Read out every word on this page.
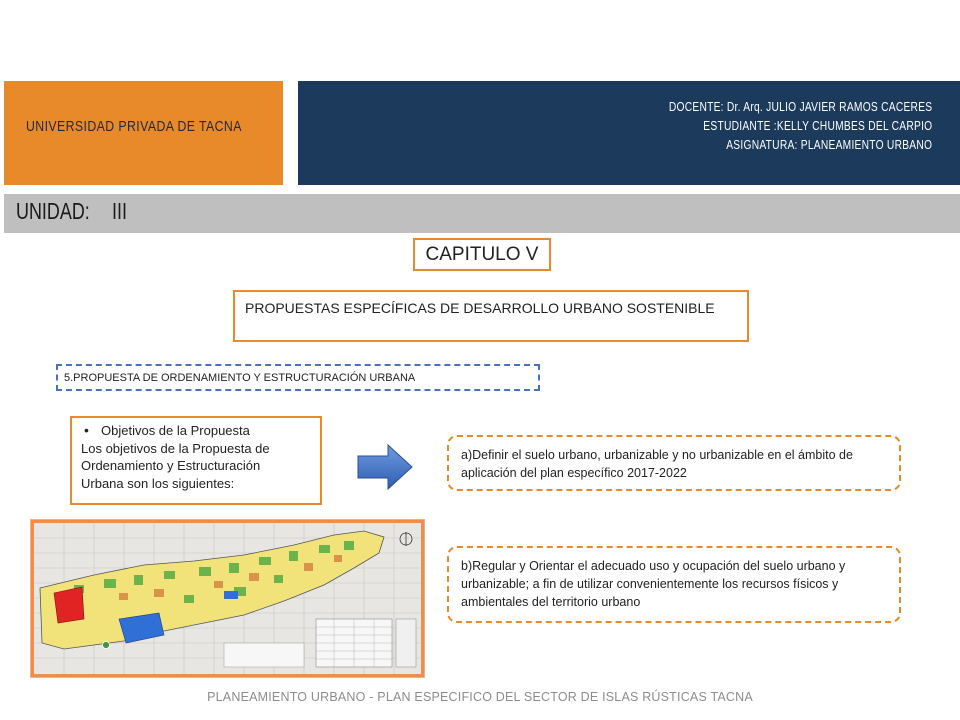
UNIVERSIDAD PRIVADA DE TACNA
DOCENTE: Dr. Arq. JULIO JAVIER RAMOS CACERES
ESTUDIANTE :KELLY CHUMBES DEL CARPIO
ASIGNATURA: PLANEAMIENTO URBANO
UNIDAD: III
CAPITULO V
PROPUESTAS ESPECÍFICAS DE DESARROLLO URBANO SOSTENIBLE
5.PROPUESTA DE ORDENAMIENTO Y ESTRUCTURACIÓN URBANA
• Objetivos de la Propuesta
Los objetivos de la Propuesta de
Ordenamiento y Estructuración
Urbana son los siguientes:
a)Definir el suelo urbano, urbanizable y no urbanizable en el ámbito de aplicación del plan específico 2017-2022
b)Regular y Orientar el adecuado uso y ocupación del suelo urbano y urbanizable; a fin de utilizar convenientemente los recursos físicos y ambientales del territorio urbano
PLANEAMIENTO URBANO - PLAN ESPECIFICO DEL SECTOR DE ISLAS RÚSTICAS TACNA
